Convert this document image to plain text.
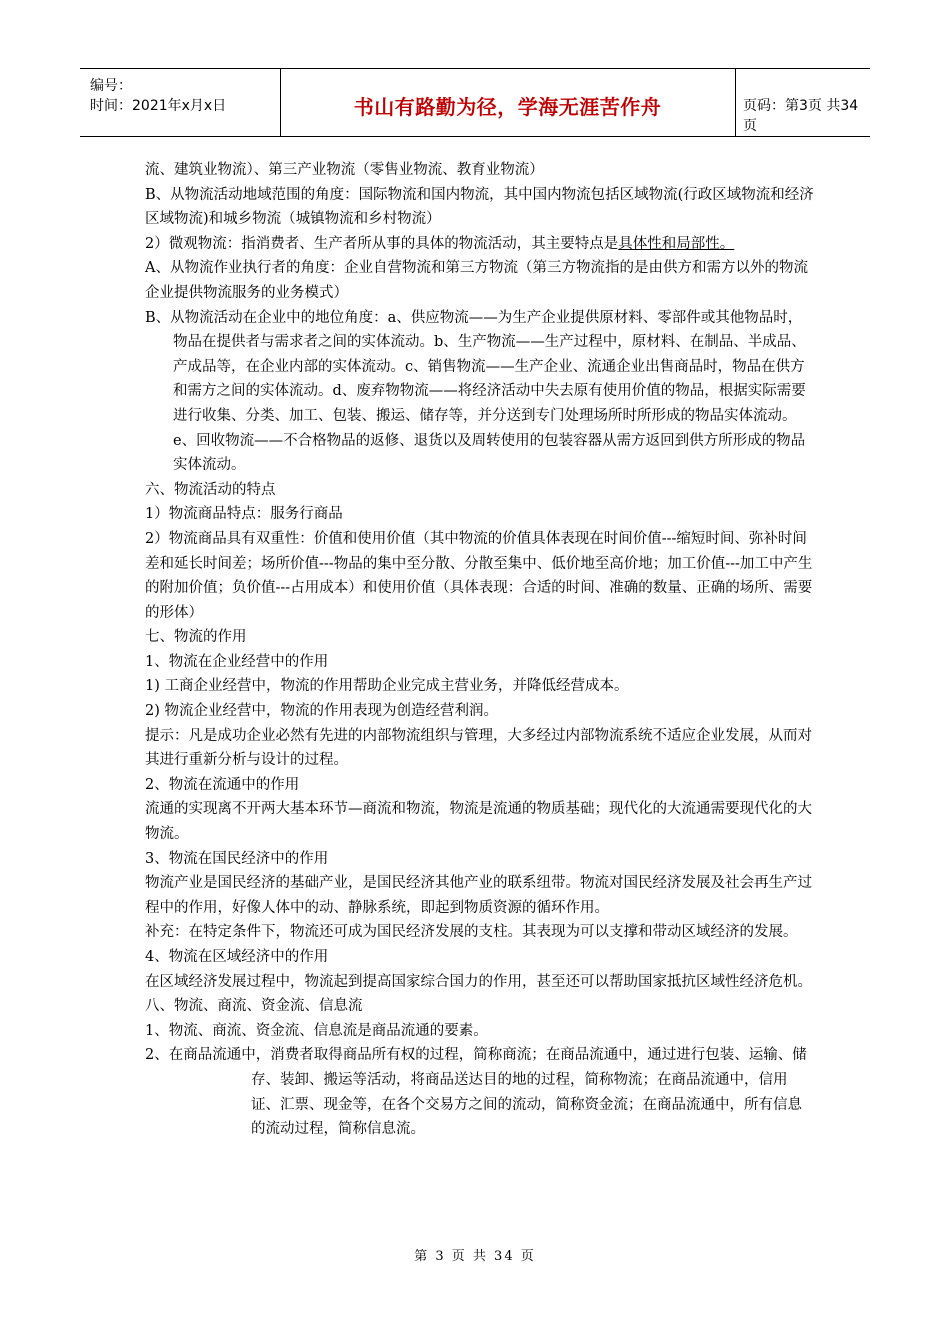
编号：
时间：2021年x月x日	书山有路勤为径，学海无涯苦作舟	页码：第3页 共34页

流、建筑业物流）、第三产业物流（零售业物流、教育业物流）

B、从物流活动地域范围的角度：国际物流和国内物流，其中国内物流包括区域物流(行政区域物流和经济区域物流)和城乡物流（城镇物流和乡村物流）

2）微观物流：指消费者、生产者所从事的具体的物流活动，其主要特点是具体性和局部性。

A、从物流作业执行者的角度：企业自营物流和第三方物流（第三方物流指的是由供方和需方以外的物流企业提供物流服务的业务模式）

B、从物流活动在企业中的地位角度：a、供应物流——为生产企业提供原材料、零部件或其他物品时，物品在提供者与需求者之间的实体流动。b、生产物流——生产过程中，原材料、在制品、半成品、产成品等，在企业内部的实体流动。c、销售物流——生产企业、流通企业出售商品时，物品在供方和需方之间的实体流动。d、废弃物物流——将经济活动中失去原有使用价值的物品，根据实际需要进行收集、分类、加工、包装、搬运、储存等，并分送到专门处理场所时所形成的物品实体流动。e、回收物流——不合格物品的返修、退货以及周转使用的包装容器从需方返回到供方所形成的物品实体流动。

六、物流活动的特点

1）物流商品特点：服务行商品

2）物流商品具有双重性：价值和使用价值（其中物流的价值具体表现在时间价值---缩短时间、弥补时间差和延长时间差；场所价值---物品的集中至分散、分散至集中、低价地至高价地；加工价值---加工中产生的附加价值；负价值---占用成本）和使用价值（具体表现：合适的时间、准确的数量、正确的场所、需要的形体）

七、物流的作用

1、物流在企业经营中的作用

1) 工商企业经营中，物流的作用帮助企业完成主营业务，并降低经营成本。

2) 物流企业经营中，物流的作用表现为创造经营利润。

提示：凡是成功企业必然有先进的内部物流组织与管理，大多经过内部物流系统不适应企业发展，从而对其进行重新分析与设计的过程。

2、物流在流通中的作用

流通的实现离不开两大基本环节—商流和物流，物流是流通的物质基础；现代化的大流通需要现代化的大物流。

3、物流在国民经济中的作用

物流产业是国民经济的基础产业，是国民经济其他产业的联系纽带。物流对国民经济发展及社会再生产过程中的作用，好像人体中的动、静脉系统，即起到物质资源的循环作用。

补充：在特定条件下，物流还可成为国民经济发展的支柱。其表现为可以支撑和带动区域经济的发展。

4、物流在区域经济中的作用

在区域经济发展过程中，物流起到提高国家综合国力的作用，甚至还可以帮助国家抵抗区域性经济危机。

八、物流、商流、资金流、信息流

1、物流、商流、资金流、信息流是商品流通的要素。

2、在商品流通中，消费者取得商品所有权的过程，简称商流；在商品流通中，通过进行包装、运输、储存、装卸、搬运等活动，将商品送达目的地的过程，简称物流；在商品流通中，信用证、汇票、现金等，在各个交易方之间的流动，简称资金流；在商品流通中，所有信息的流动过程，简称信息流。

第 3 页 共 34 页
